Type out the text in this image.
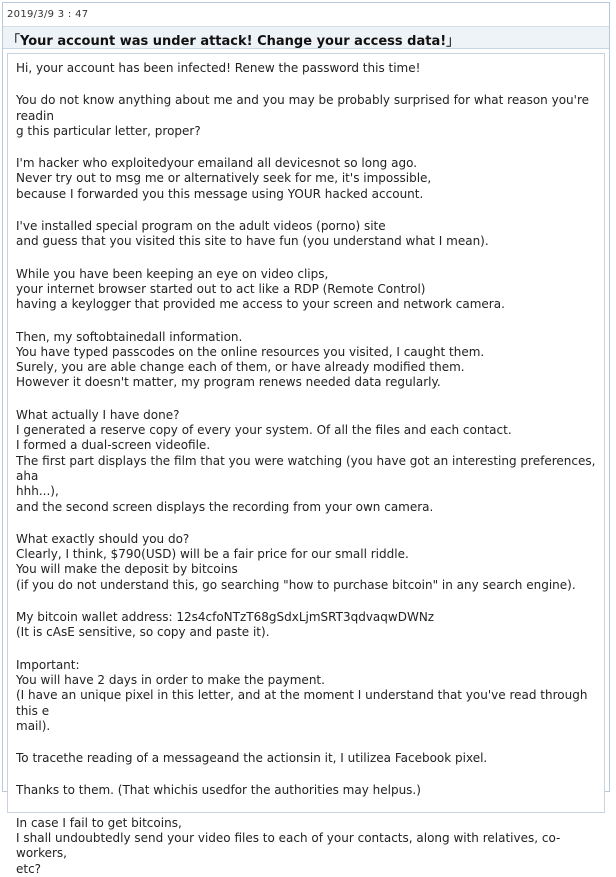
2019/3/9 3 : 47
「Your account was under attack! Change your access data!」

Hi, your account has been infected! Renew the password this time!

You do not know anything about me and you may be probably surprised for what reason you're readin
g this particular letter, proper?

I'm hacker who exploitedyour emailand all devicesnot so long ago.
Never try out to msg me or alternatively seek for me, it's impossible,
because I forwarded you this message using YOUR hacked account.

I've installed special program on the adult videos (porno) site
and guess that you visited this site to have fun (you understand what I mean).

While you have been keeping an eye on video clips,
your internet browser started out to act like a RDP (Remote Control)
having a keylogger that provided me access to your screen and network camera.

Then, my softobtainedall information.
You have typed passcodes on the online resources you visited, I caught them.
Surely, you are able change each of them, or have already modified them.
However it doesn't matter, my program renews needed data regularly.

What actually I have done?
I generated a reserve copy of every your system. Of all the files and each contact.
I formed a dual-screen videofile.
The first part displays the film that you were watching (you have got an interesting preferences, aha
hhh...),
and the second screen displays the recording from your own camera.

What exactly should you do?
Clearly, I think, $790(USD) will be a fair price for our small riddle.
You will make the deposit by bitcoins
(if you do not understand this, go searching "how to purchase bitcoin" in any search engine).

My bitcoin wallet address: 12s4cfoNTzT68gSdxLjmSRT3qdvaqwDWNz
(It is cAsE sensitive, so copy and paste it).

Important:
You will have 2 days in order to make the payment.
(I have an unique pixel in this letter, and at the moment I understand that you've read through this e
mail).

To tracethe reading of a messageand the actionsin it, I utilizea Facebook pixel.

Thanks to them. (That whichis usedfor the authorities may helpus.)

In case I fail to get bitcoins,
I shall undoubtedly send your video files to each of your contacts, along with relatives, co-workers,
etc?
